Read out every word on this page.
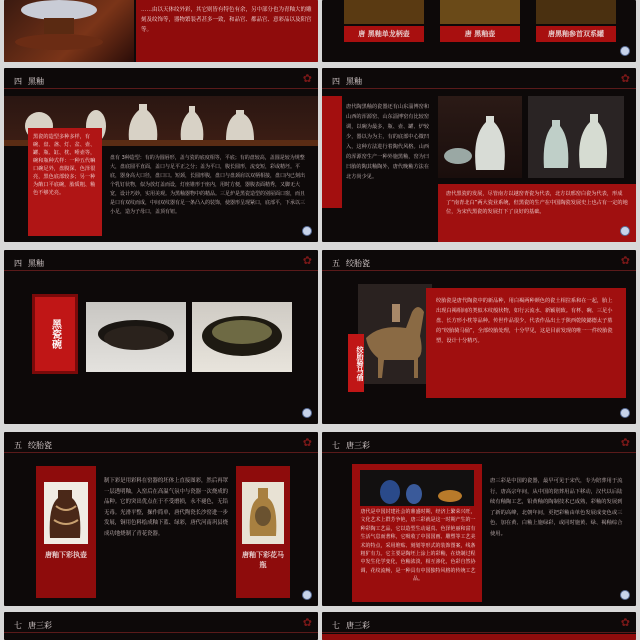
……由以天体纹外彩，其它则皆有特色有余，另中部分也为青釉大的雕刻及纹饰等，器物繁装者甚多一致，和品官、都品官、意彩品以及阳宫等。	唐 黑釉单龙柄壶	唐 黑釉壶	唐黑釉参首双系罐
四 黑釉	✿
黑瓷的造型多种多样，有碗、盘、盏、灯、盆、壶、罐、瓶、缸、枕、唾壶等，碗和瓶种式样：一种五代嘛口碗足外，盘腹深、色泽很亮，黑色底部较多；另一种为敞口平底碗，胎质粗、釉色不够光亮。
盘有 3种造型：有的为圆唇形，盖与瓷的底度相等，平底；有的盘较高，盖圆是较为规整大，盘底圆平直面，盖口与足平正之分；盖为平口，腹长圆形，流变短，彩或精坯。平底，器身高大口径，盘口口。短颈，长圆形腹，盘口与盘颈肩以双柄相接，盘口内已刻出个乳钉状物，似为放灯盖而设，灯座锥形于座内，用时方便，器腹表面精秀，又脚无大宽，设计巧妙，实用美观。为黑釉器物中的精品。三足炉是黑瓷造型的别屋面口窗，而且是口有双纹而成，中间双纹器有足一条凸入的装饰，使器形呈现紧口，底部平，下承以三小足，造为子母口，盖顶有钮。
四 黑釉	✿
唐代陶黑釉的瓷器还有山东淄博窑和山西的浑源窑、山东淄博窑有比较窑调，以碗为最多，瓶、壶、罐、炉较少，器以为为主，有的底部中心微凹入，这种方法进行着陶代风格。山西的浑源窑生产一种外施黑釉，窑为曰曰胎的陶其釉陶外，唐代晚釉方法在北方尚少见。
唐代黑瓷的发展，尽管南方以越窑青瓷为代表，北方以邢窑白瓷为代表，形成了“南青北白”两大瓷业系统，但黑瓷的生产在中国陶瓷发展史上也占有一定的地位，为宋代黑瓷的发展打下了良好的基础。
四 黑釉	✿
黑瓷碗
五 绞胎瓷	✿
绞胎骑马俑
绞胎瓷是唐代陶瓷中的新品种，用白褐两种颜色的瓷土相拉系和在一起，胎上出现白褐相间的类似木纹般状物，如行云流水、新颖别致。有杯、碗、三足小盘、长方形小枕等品种。传世作品很少，代表作品出土于陕西乾陵懿德太子墓的“绞胎骑马俑”，全部绞胎处理，十分罕见，这是目前发现的唯一一件绞胎瓷塑，设计十分精巧。
五 绞胎瓷	✿
唐釉下彩执壶
制下彩是用彩料在窑器的坯体上直接图彩，然后再罩一层透明釉，入窑后在高温气氛中与瓷器一次烧成的品种。它的突出优点在于不受磨损，永不褪色，无铅无毒。光滑平整，操作简单，唐代陶瓷长沙窑进一步发展，铜用色料绘成釉下蓝、绿彩，唐代河南巩县烧成功地烧制了青花瓷器。
唐釉下彩花马瓶
七 唐三彩	✿
唐代是中国封建社会的鼎盛时期，经济上繁荣兴旺，文化艺术上群芳争艳，唐三彩就是这一时期产生的一种彩陶工艺品，它以造型生动逼真、色泽艳丽和富有生活气息而著称，它吸收了中国国画、雕塑等工艺美术的特点，采用堆贴、刻划等形式的装饰图案，线条粗犷有力。它主要是陶坯上涂上的彩釉，在烧制过程中发生化学变化，色釉浓淡，相互渗化，色彩自然协调，花纹流畅，是一种具有中国独特风格的传统工艺品。
唐三彩是中国的瓷器，最早可见于宋代，专为陪葬用于流行，唐高宗年间，从中国的陪葬用品下移动，汉代以后陆续有釉陶工艺，铅黄釉的陶制技术已成熟，彩釉的发展到了新的高峰，北朝年间，更把彩釉由单色发展成变色或三色，加在黄、白釉上施绿彩，或同时施黄、绿、褐釉综合使用。
七 唐三彩	✿	七 唐三彩	✿
